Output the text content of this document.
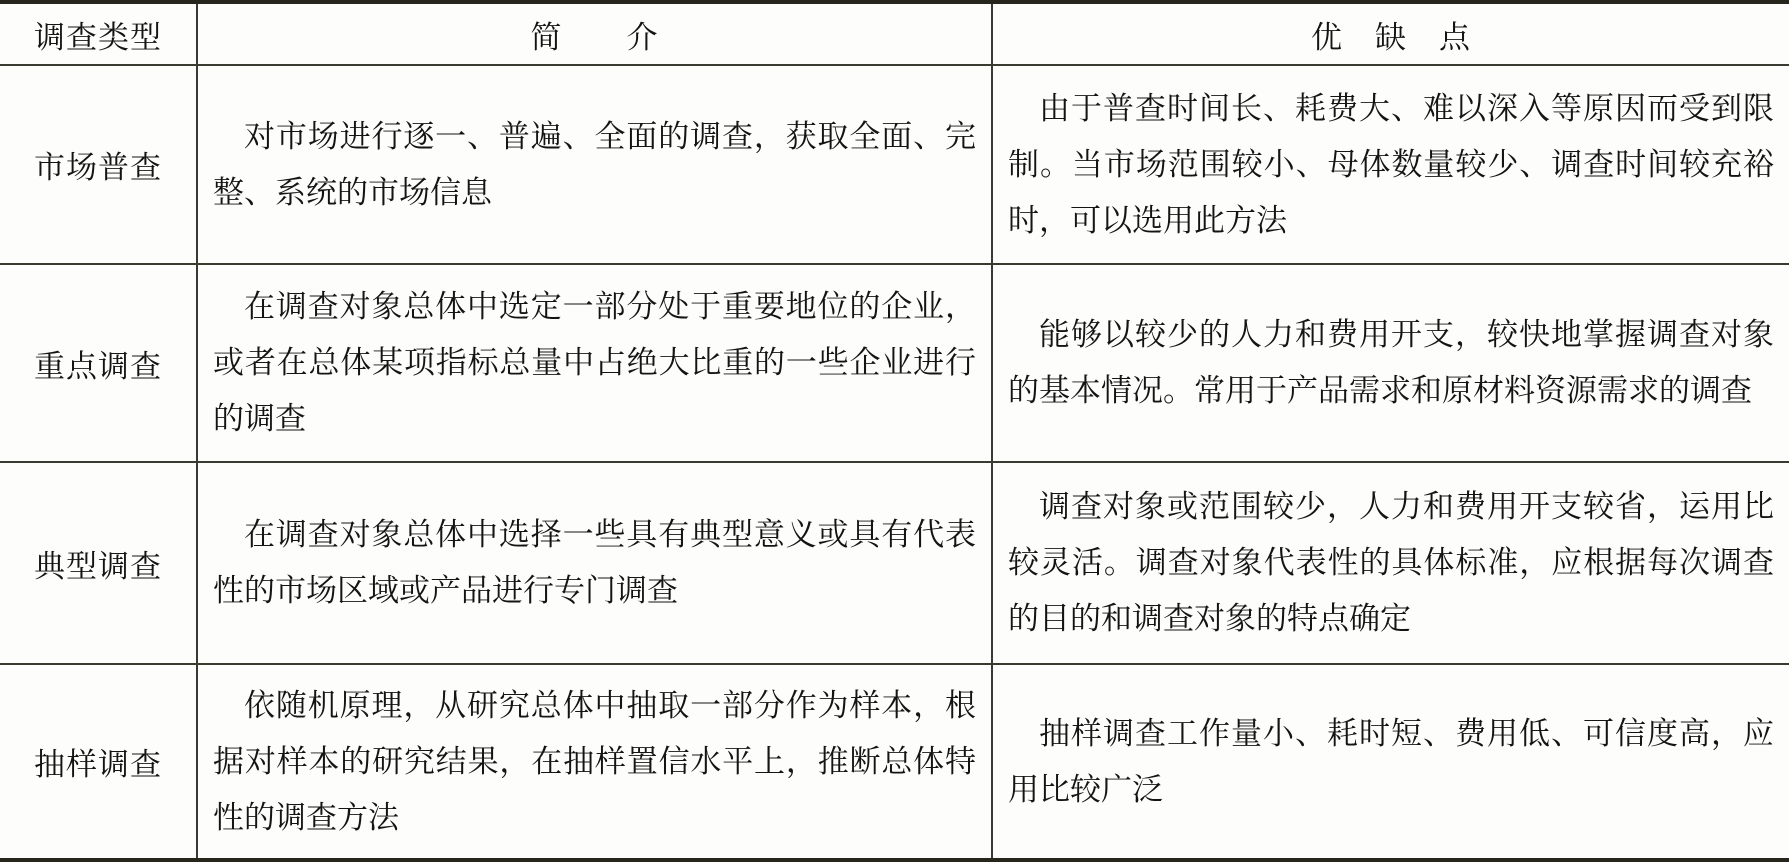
调查类型	简　　介	优　缺　点
市场普查

对市场进行逐一、普遍、全面的调查，获取全面、完整、系统的市场信息

由于普查时间长、耗费大、难以深入等原因而受到限制。当市场范围较小、母体数量较少、调查时间较充裕时，可以选用此方法

重点调查

在调查对象总体中选定一部分处于重要地位的企业，或者在总体某项指标总量中占绝大比重的一些企业进行的调查

能够以较少的人力和费用开支，较快地掌握调查对象的基本情况。常用于产品需求和原材料资源需求的调查

典型调查

在调查对象总体中选择一些具有典型意义或具有代表性的市场区域或产品进行专门调查

调查对象或范围较少，人力和费用开支较省，运用比较灵活。调查对象代表性的具体标准，应根据每次调查的目的和调查对象的特点确定

抽样调查

依随机原理，从研究总体中抽取一部分作为样本，根据对样本的研究结果，在抽样置信水平上，推断总体特性的调查方法

抽样调查工作量小、耗时短、费用低、可信度高，应用比较广泛
